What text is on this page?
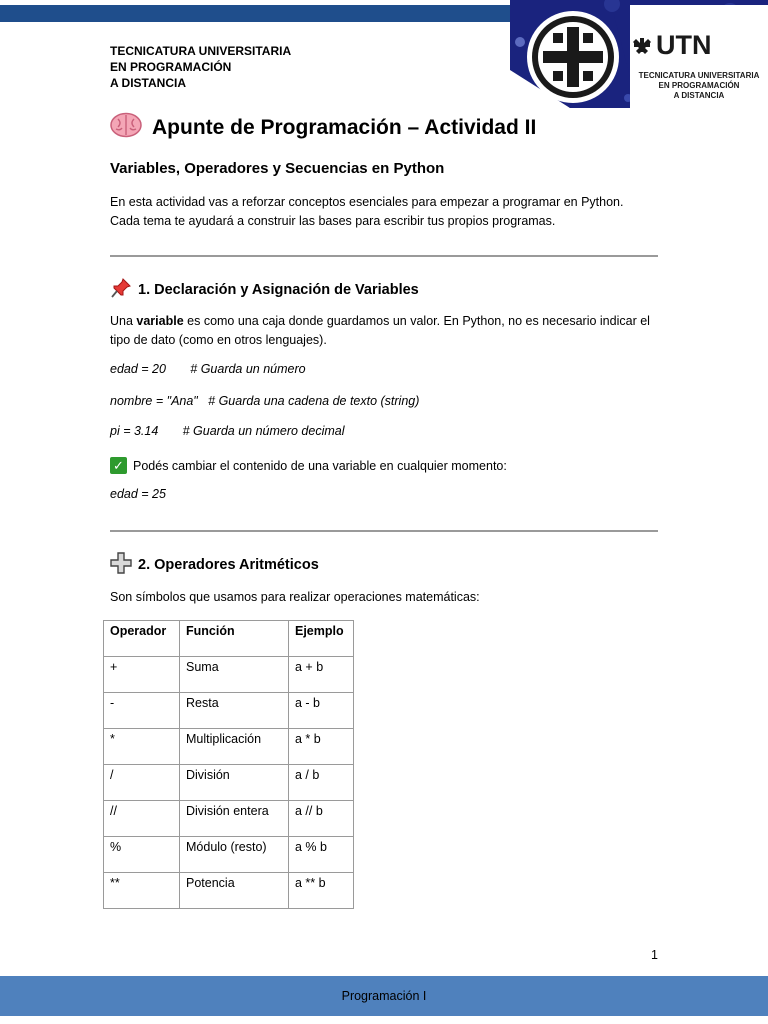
UTN
TECNICATURA UNIVERSITARIA
EN PROGRAMACIÓN
A DISTANCIA
TECNICATURA UNIVERSITARIA
EN PROGRAMACIÓN
A DISTANCIA
Apunte de Programación – Actividad II
Variables, Operadores y Secuencias en Python
En esta actividad vas a reforzar conceptos esenciales para empezar a programar en Python.
Cada tema te ayudará a construir las bases para escribir tus propios programas.
1. Declaración y Asignación de Variables
Una variable es como una caja donde guardamos un valor. En Python, no es necesario indicar el tipo de dato (como en otros lenguajes).
edad = 20       # Guarda un número
nombre = "Ana"   # Guarda una cadena de texto (string)
pi = 3.14       # Guarda un número decimal
✓ Podés cambiar el contenido de una variable en cualquier momento:
edad = 25
2. Operadores Aritméticos
Son símbolos que usamos para realizar operaciones matemáticas:
Operador	Función	Ejemplo
+	Suma	a + b
-	Resta	a - b
*	Multiplicación	a * b
/	División	a / b
//	División entera	a // b
%	Módulo (resto)	a % b
**	Potencia	a ** b
1
Programación I
